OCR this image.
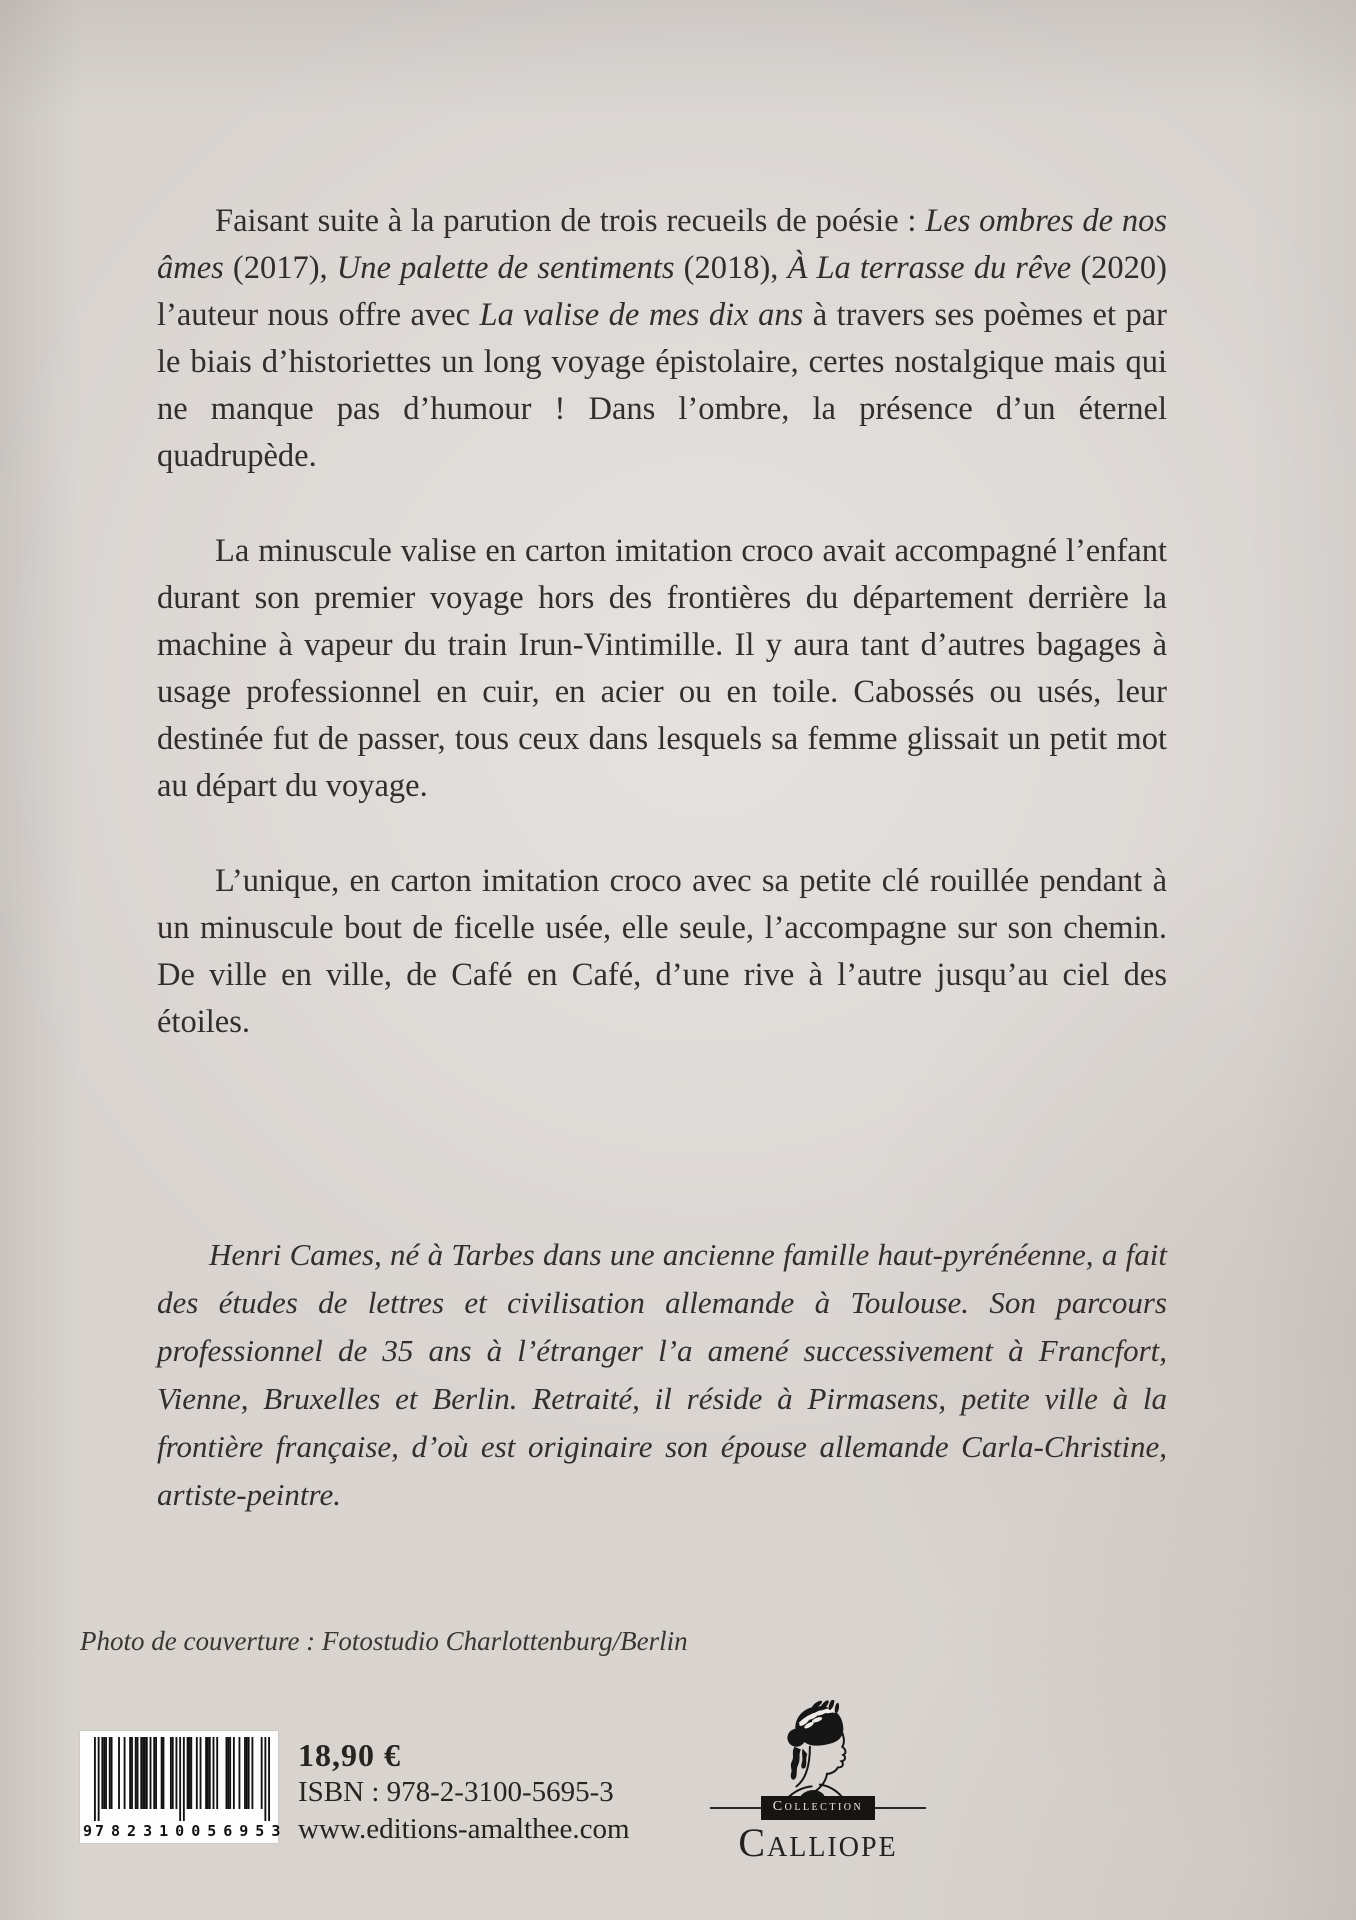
Faisant suite à la parution de trois recueils de poésie : Les ombres de nos âmes (2017), Une palette de sentiments (2018), À La terrasse du rêve (2020) l’auteur nous offre avec La valise de mes dix ans à travers ses poèmes et par le biais d’historiettes un long voyage épistolaire, certes nostalgique mais qui ne manque pas d’humour ! Dans l’ombre, la présence d’un éternel quadrupède.

La minuscule valise en carton imitation croco avait accompagné l’enfant durant son premier voyage hors des frontières du département derrière la machine à vapeur du train Irun-Vintimille. Il y aura tant d’autres bagages à usage professionnel en cuir, en acier ou en toile. Cabossés ou usés, leur destinée fut de passer, tous ceux dans lesquels sa femme glissait un petit mot au départ du voyage.

L’unique, en carton imitation croco avec sa petite clé rouillée pendant à un minuscule bout de ficelle usée, elle seule, l’accompagne sur son chemin. De ville en ville, de Café en Café, d’une rive à l’autre jusqu’au ciel des étoiles.

Henri Cames, né à Tarbes dans une ancienne famille haut-pyrénéenne, a fait des études de lettres et civilisation allemande à Toulouse. Son parcours professionnel de 35 ans à l’étranger l’a amené successivement à Francfort, Vienne, Bruxelles et Berlin. Retraité, il réside à Pirmasens, petite ville à la frontière française, d’où est originaire son épouse allemande Carla-Christine, artiste-peintre.

Photo de couverture : Fotostudio Charlottenburg/Berlin
9 782310 056953
18,90 €
ISBN : 978-2-3100-5695-3
www.editions-amalthee.com
Collection
Calliope
